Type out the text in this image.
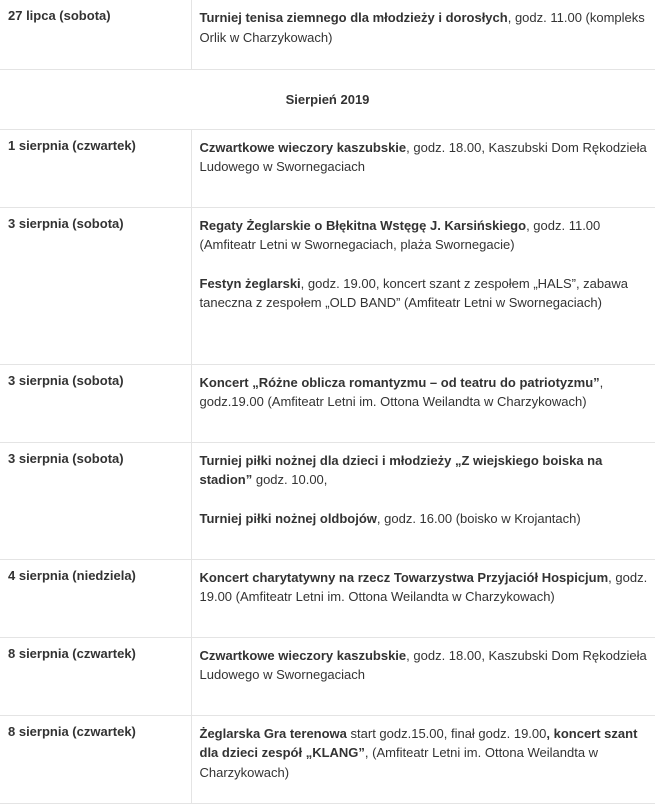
27 lipca (sobota)	Turniej tenisa ziemnego dla młodzieży i dorosłych, godz. 11.00 (kompleks Orlik w Charzykowach)

Sierpień 2019	
1 sierpnia (czwartek)	Czwartkowe wieczory kaszubskie, godz. 18.00, Kaszubski Dom Rękodzieła Ludowego w Swornegaciach

3 sierpnia (sobota)	Regaty Żeglarskie o Błękitna Wstęgę J. Karsińskiego, godz. 11.00 (Amfiteatr Letni w Swornegaciach, plaża Swornegacie)
Festyn żeglarski, godz. 19.00, koncert szant z zespołem „HALS”, zabawa taneczna z zespołem „OLD BAND” (Amfiteatr Letni w Swornegaciach)

3 sierpnia (sobota)	Koncert „Różne oblicza romantyzmu – od teatru do patriotyzmu”, godz.19.00 (Amfiteatr Letni im. Ottona Weilandta w Charzykowach)

3 sierpnia (sobota)	Turniej piłki nożnej dla dzieci i młodzieży „Z wiejskiego boiska na stadion” godz. 10.00,
Turniej piłki nożnej oldbojów, godz. 16.00 (boisko w Krojantach)

4 sierpnia (niedziela)	Koncert charytatywny na rzecz Towarzystwa Przyjaciół Hospicjum, godz. 19.00 (Amfiteatr Letni im. Ottona Weilandta w Charzykowach)

8 sierpnia (czwartek)	Czwartkowe wieczory kaszubskie, godz. 18.00, Kaszubski Dom Rękodzieła Ludowego w Swornegaciach

8 sierpnia (czwartek)	Żeglarska Gra terenowa start godz.15.00, finał godz. 19.00, koncert szant dla dzieci zespół „KLANG”, (Amfiteatr Letni im. Ottona Weilandta w Charzykowach)
